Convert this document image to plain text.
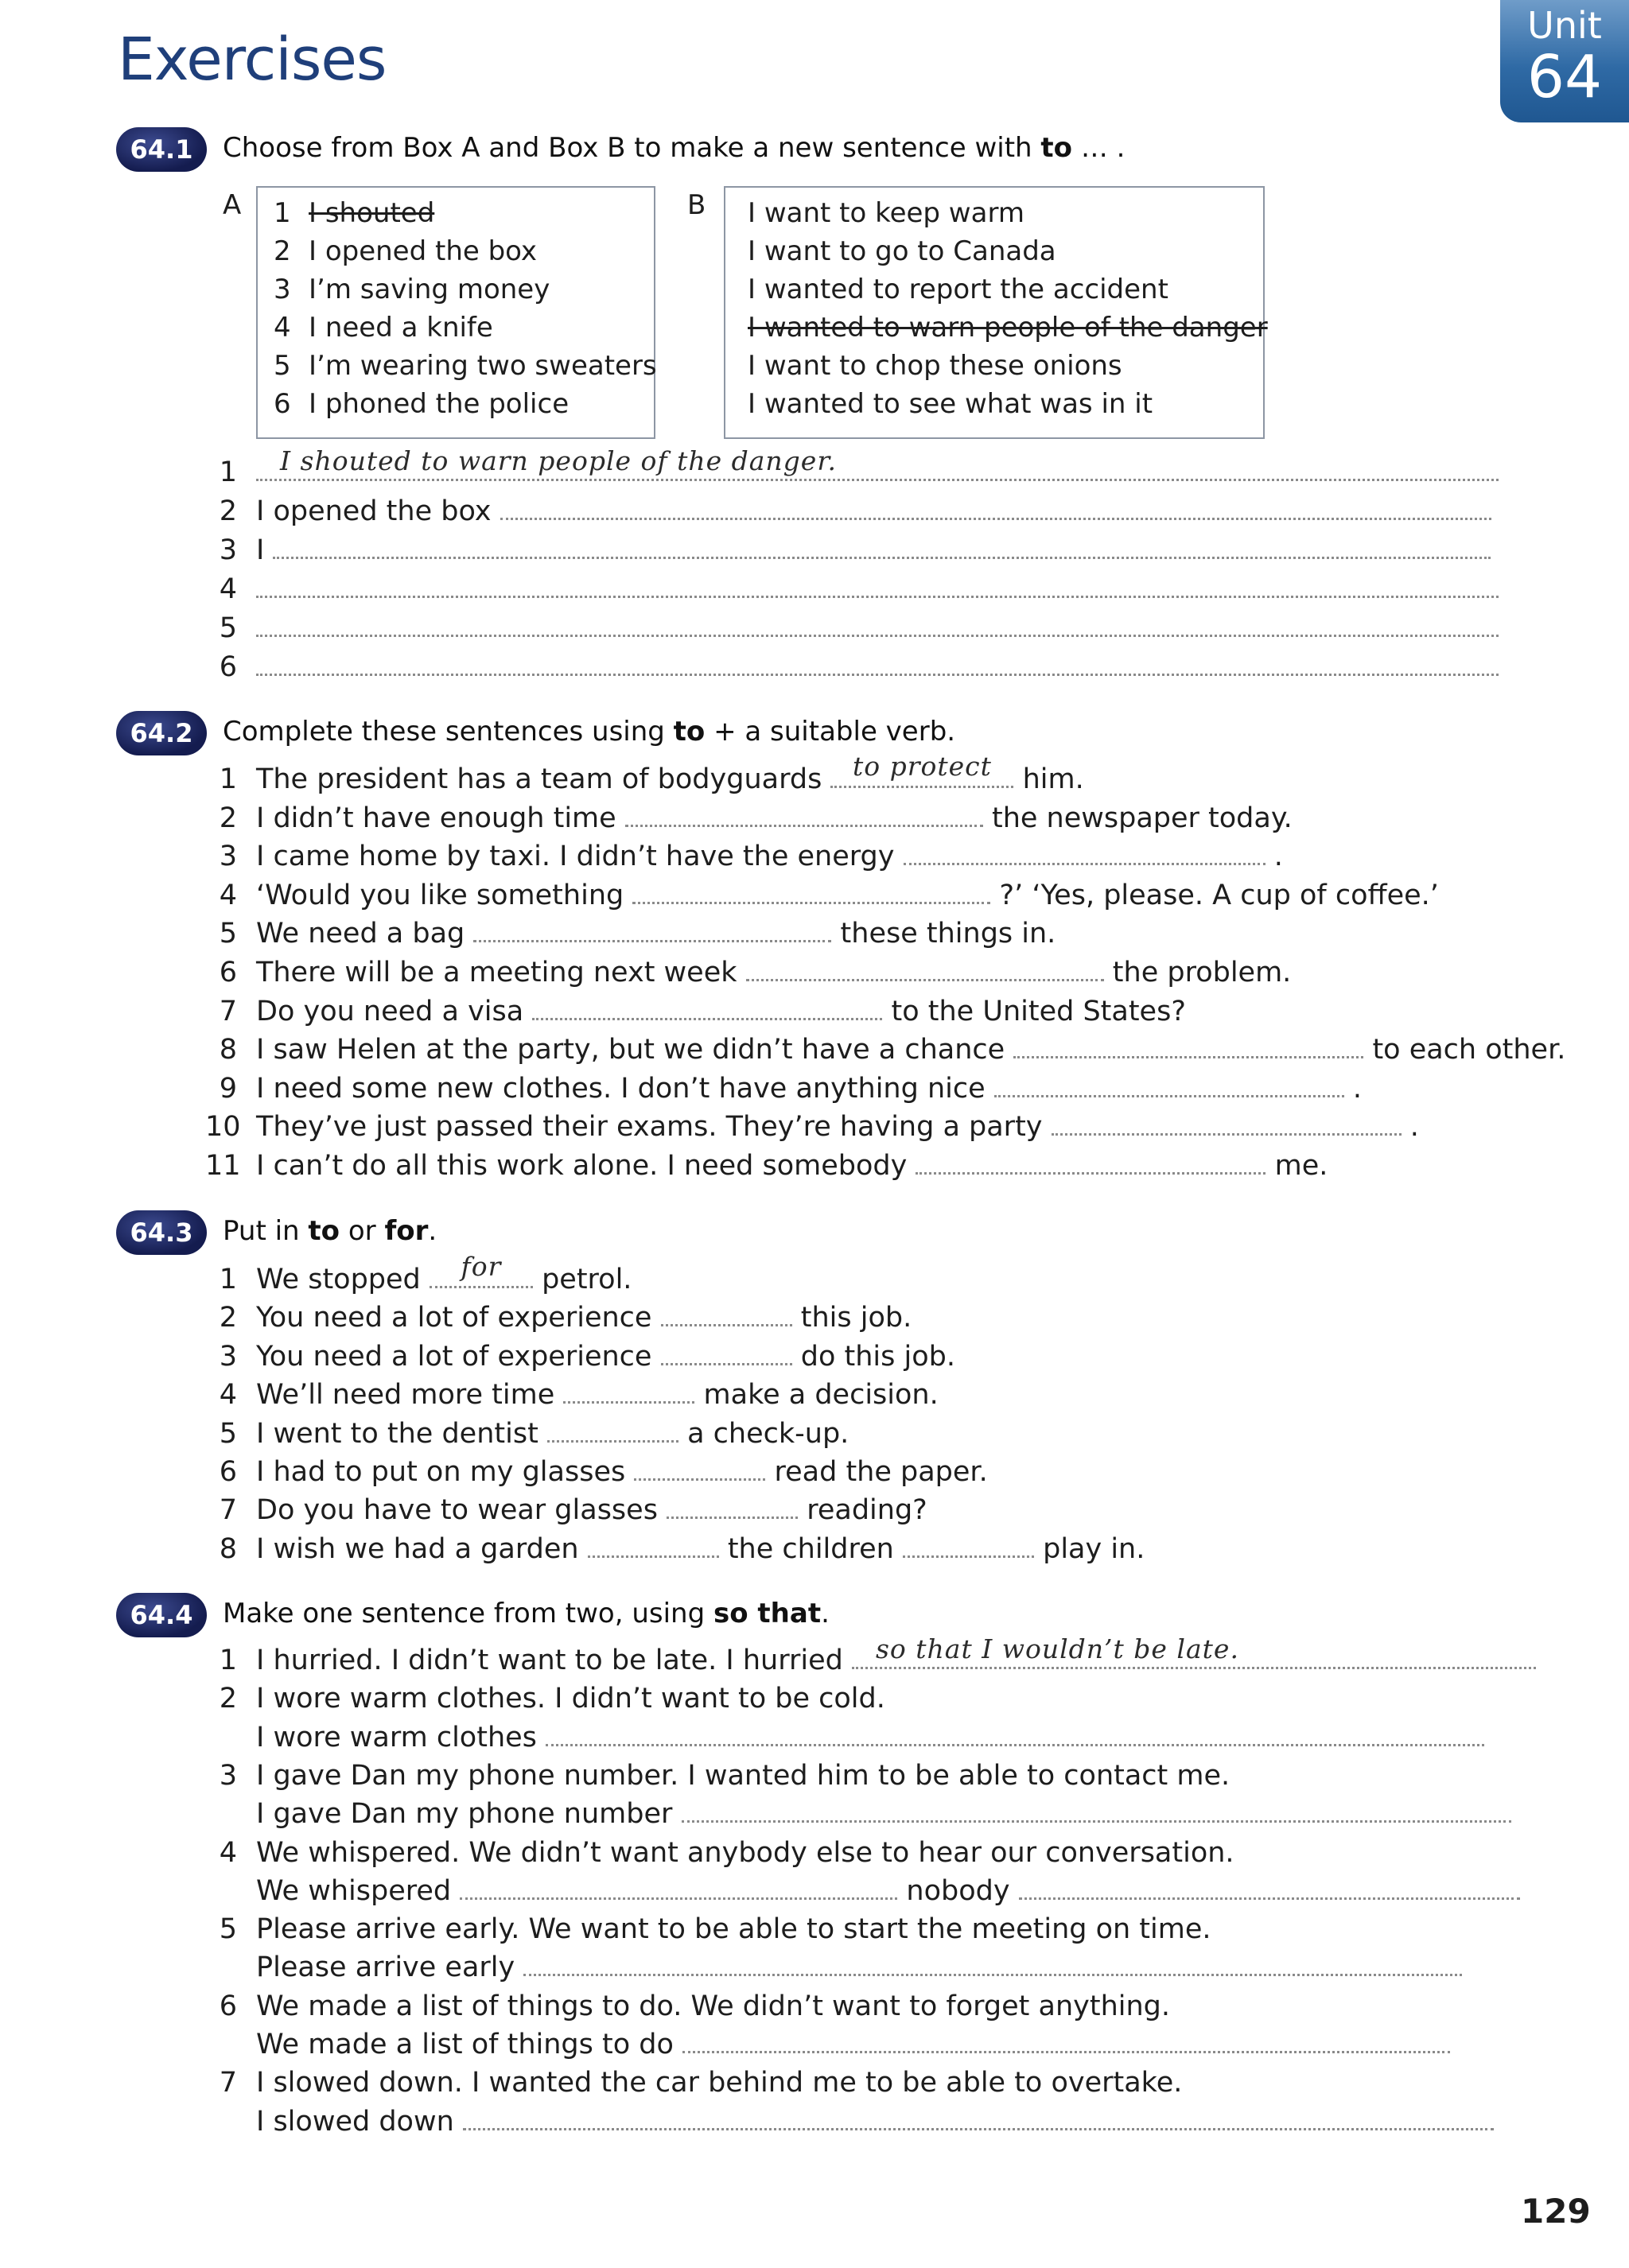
Exercises	Unit
64
64.1	Choose from Box A and Box B to make a new sentence with to … .
A	B
1 I shouted
2 I opened the box
3 I’m saving money
4 I need a knife
5 I’m wearing two sweaters
6 I phoned the police
I want to keep warm
I want to go to Canada
I wanted to report the accident
I wanted to warn people of the danger
I want to chop these onions
I wanted to see what was in it
1 I shouted to warn people of the danger.
2 I opened the box
3 I
4
5
6
64.2	Complete these sentences using to + a suitable verb.
1 The president has a team of bodyguards	to protect	him.
2 I didn’t have enough time	the newspaper today.
3 I came home by taxi. I didn’t have the energy	.
4 ‘Would you like something	?’ ‘Yes, please. A cup of coffee.’
5 We need a bag	these things in.
6 There will be a meeting next week	the problem.
7 Do you need a visa	to the United States?
8 I saw Helen at the party, but we didn’t have a chance	to each other.
9 I need some new clothes. I don’t have anything nice	.
10 They’ve just passed their exams. They’re having a party	.
11 I can’t do all this work alone. I need somebody	me.
64.3	Put in to or for.
1 We stopped	for	petrol.
2 You need a lot of experience	this job.
3 You need a lot of experience	do this job.
4 We’ll need more time	make a decision.
5 I went to the dentist	a check-up.
6 I had to put on my glasses	read the paper.
7 Do you have to wear glasses	reading?
8 I wish we had a garden	the children	play in.
64.4	Make one sentence from two, using so that.
1 I hurried. I didn’t want to be late. I hurried so that I wouldn’t be late.
2 I wore warm clothes. I didn’t want to be cold.
I wore warm clothes
3 I gave Dan my phone number. I wanted him to be able to contact me.
I gave Dan my phone number
4 We whispered. We didn’t want anybody else to hear our conversation.
We whispered	nobody
5 Please arrive early. We want to be able to start the meeting on time.
Please arrive early
6 We made a list of things to do. We didn’t want to forget anything.
We made a list of things to do
7 I slowed down. I wanted the car behind me to be able to overtake.
I slowed down
129
